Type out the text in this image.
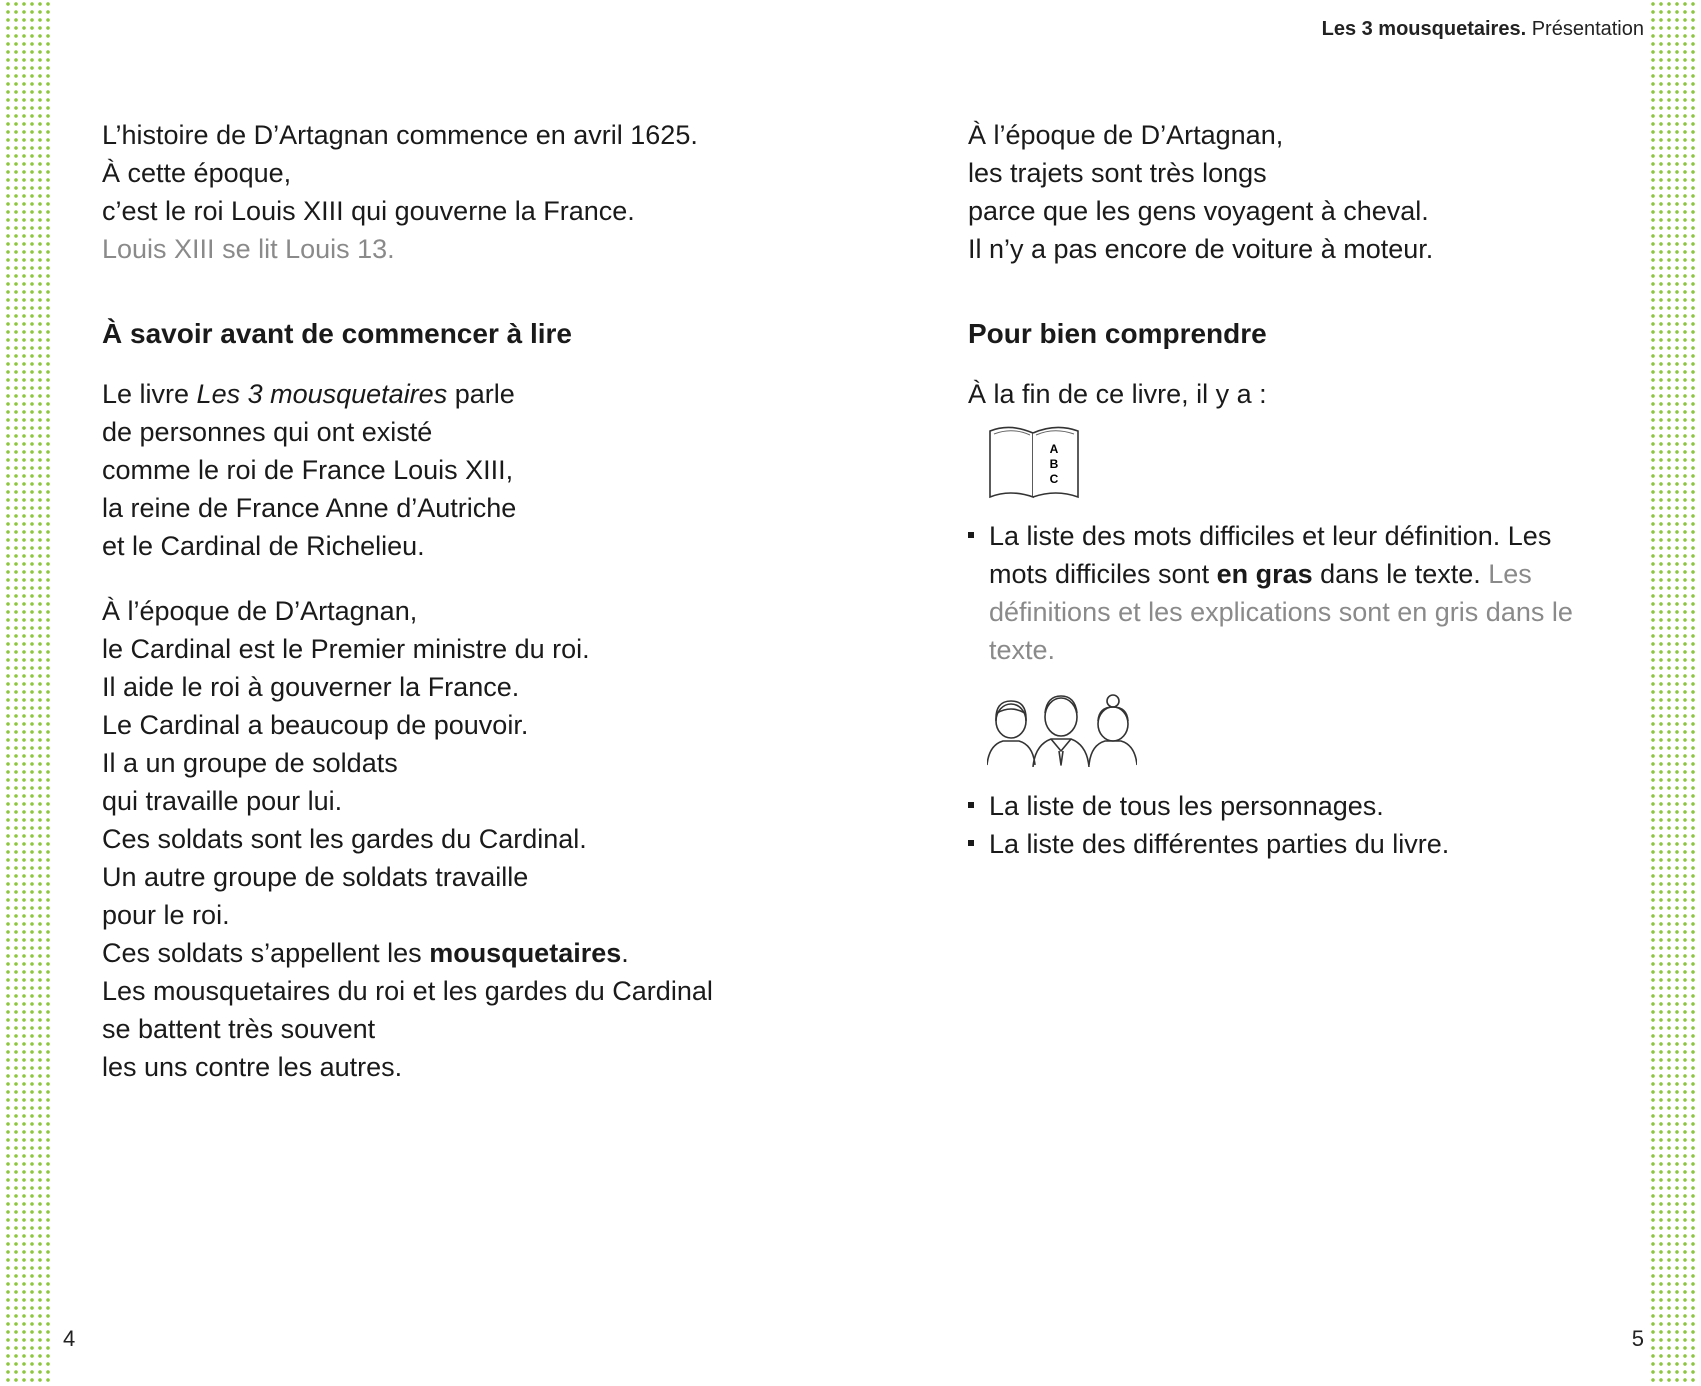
Les 3 mousquetaires. Présentation

L’histoire de D’Artagnan commence en avril 1625.
À cette époque,
c’est le roi Louis XIII qui gouverne la France.
Louis XIII se lit Louis 13.

À savoir avant de commencer à lire

Le livre Les 3 mousquetaires parle
de personnes qui ont existé
comme le roi de France Louis XIII,
la reine de France Anne d’Autriche
et le Cardinal de Richelieu.

À l’époque de D’Artagnan,
le Cardinal est le Premier ministre du roi.
Il aide le roi à gouverner la France.
Le Cardinal a beaucoup de pouvoir.
Il a un groupe de soldats
qui travaille pour lui.
Ces soldats sont les gardes du Cardinal.
Un autre groupe de soldats travaille
pour le roi.
Ces soldats s’appellent les mousquetaires.
Les mousquetaires du roi et les gardes du Cardinal
se battent très souvent
les uns contre les autres.

À l’époque de D’Artagnan,
les trajets sont très longs
parce que les gens voyagent à cheval.
Il n’y a pas encore de voiture à moteur.

Pour bien comprendre

À la fin de ce livre, il y a :

A
B
C
La liste des mots difficiles et leur définition. Les mots difficiles sont en gras dans le texte. Les définitions et les explications sont en gris dans le texte.
La liste de tous les personnages.
La liste des différentes parties du livre.
4	5
